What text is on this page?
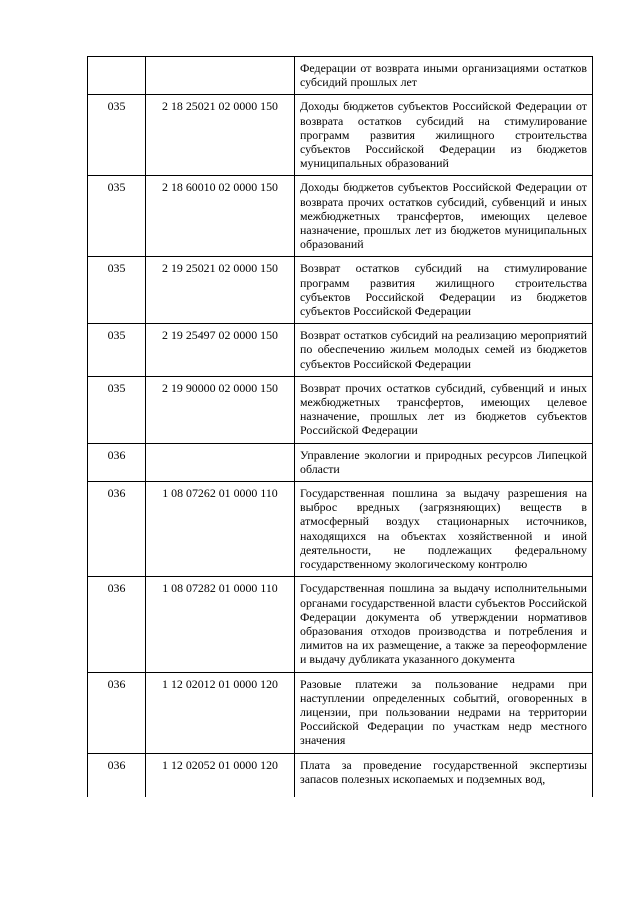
		Федерации от возврата иными организациями остатков субсидий прошлых лет
035	2 18 25021 02 0000 150	Доходы бюджетов субъектов Российской Федерации от возврата остатков субсидий на стимулирование программ развития жилищного строительства субъектов Российской Федерации из бюджетов муниципальных образований
035	2 18 60010 02 0000 150	Доходы бюджетов субъектов Российской Федерации от возврата прочих остатков субсидий, субвенций и иных межбюджетных трансфертов, имеющих целевое назначение, прошлых лет из бюджетов муниципальных образований
035	2 19 25021 02 0000 150	Возврат остатков субсидий на стимулирование программ развития жилищного строительства субъектов Российской Федерации из бюджетов субъектов Российской Федерации
035	2 19 25497 02 0000 150	Возврат остатков субсидий на реализацию мероприятий по обеспечению жильем молодых семей из бюджетов субъектов Российской Федерации
035	2 19 90000 02 0000 150	Возврат прочих остатков субсидий, субвенций и иных межбюджетных трансфертов, имеющих целевое назначение, прошлых лет из бюджетов субъектов Российской Федерации
036		Управление экологии и природных ресурсов Липецкой области
036	1 08 07262 01 0000 110	Государственная пошлина за выдачу разрешения на выброс вредных (загрязняющих) веществ в атмосферный воздух стационарных источников, находящихся на объектах хозяйственной и иной деятельности, не подлежащих федеральному государственному экологическому контролю
036	1 08 07282 01 0000 110	Государственная пошлина за выдачу исполнительными органами государственной власти субъектов Российской Федерации документа об утверждении нормативов образования отходов производства и потребления и лимитов на их размещение, а также за переоформление и выдачу дубликата указанного документа
036	1 12 02012 01 0000 120	Разовые платежи за пользование недрами при наступлении определенных событий, оговоренных в лицензии, при пользовании недрами на территории Российской Федерации по участкам недр местного значения
036	1 12 02052 01 0000 120	Плата за проведение государственной экспертизы запасов полезных ископаемых и подземных вод,
